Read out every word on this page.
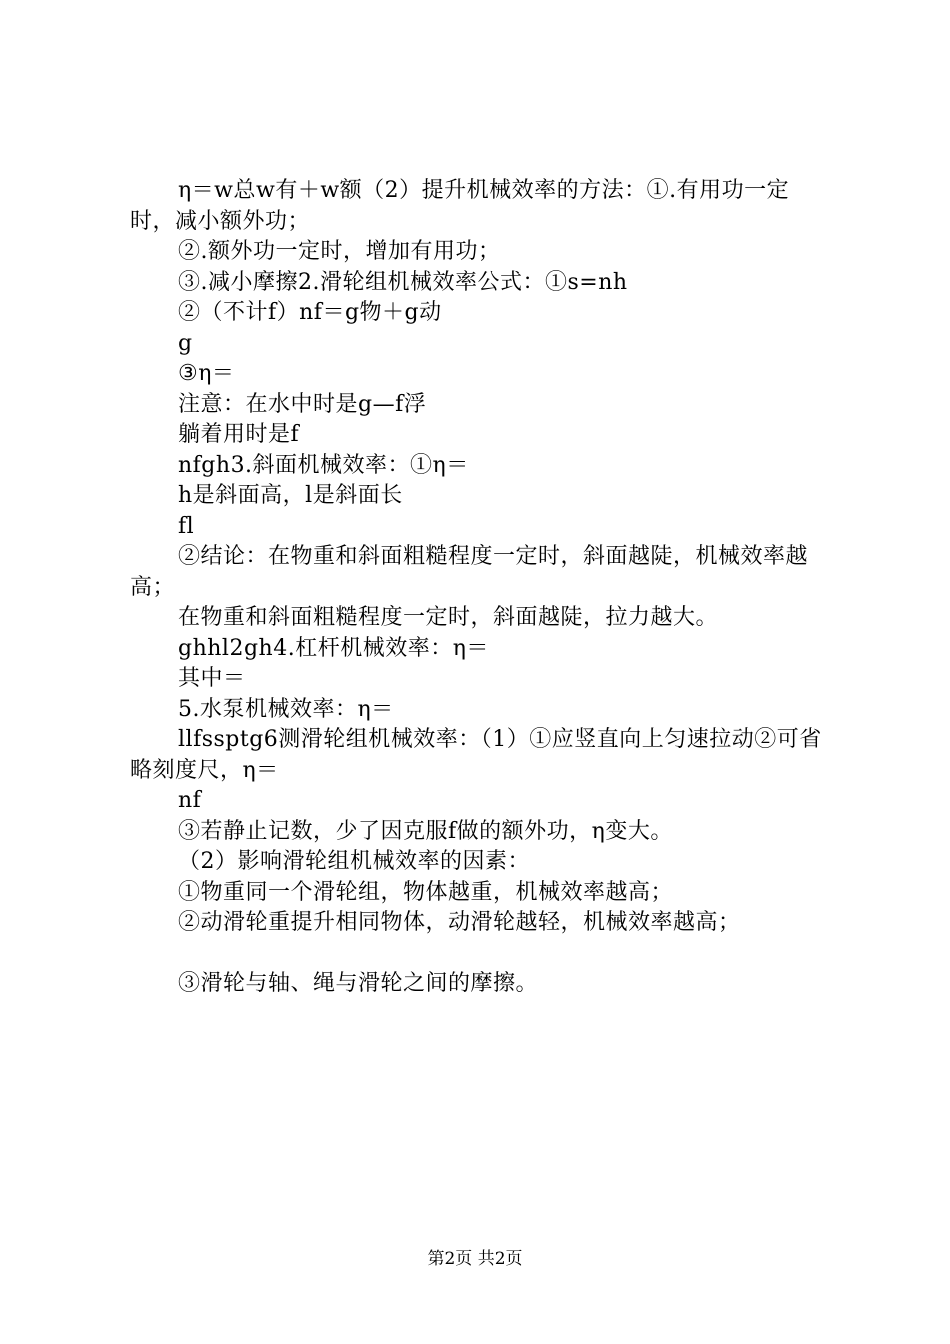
η＝w总w有＋w额（2）提升机械效率的方法：①.有用功一定时，减小额外功；

②.额外功一定时，增加有用功；

③.减小摩擦2.滑轮组机械效率公式：①s=nh

②（不计f）nf＝g物＋g动

g

③η＝

注意：在水中时是g—f浮

躺着用时是f

nfgh3.斜面机械效率：①η＝

h是斜面高，l是斜面长

fl

②结论：在物重和斜面粗糙程度一定时，斜面越陡，机械效率越高；

在物重和斜面粗糙程度一定时，斜面越陡，拉力越大。

ghhl2gh4.杠杆机械效率：η＝

其中＝

5.水泵机械效率：η＝

llfssptg6测滑轮组机械效率：（1）①应竖直向上匀速拉动②可省略刻度尺，η＝

nf

③若静止记数，少了因克服f做的额外功，η变大。

（2）影响滑轮组机械效率的因素：

①物重同一个滑轮组，物体越重，机械效率越高；

②动滑轮重提升相同物体，动滑轮越轻，机械效率越高；

③滑轮与轴、绳与滑轮之间的摩擦。

第2页 共2页
